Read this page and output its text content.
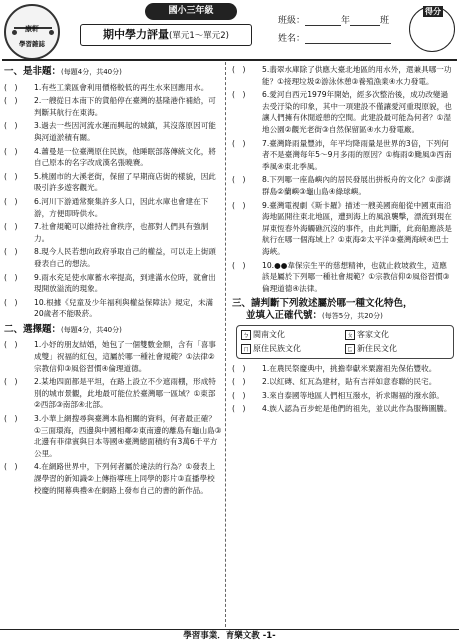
康軒
學習雜誌
國小三年級
期中學力評量(單元1～單元2)
班級：	年	班
姓名：
得分
一、是非題：(每題4分，共40分)
(　)	1.有些工業區會利用價格較低的再生水來回應用水。
(　)	2.一艘從日本南下的貨船停在臺灣的基隆港作補給，可判斷其航行在東海。
(　)	3.過去一些因河流水運而興起的城鎮，其沒落原因可能與河道淤積有關。
(　)	4.蕭曼是一位臺灣原住民族，他睡眠部落傳統文化，將自己原本的名字改成漢名張曉賽。
(　)	5.桃園市的大溪老街，保留了早期商店街的樣貌，因此吸引許多遊客觀光。
(　)	6.河川下游通常聚集許多人口，因此水庫也會建在下游，方便即時供水。
(　)	7.社會規範可以維持社會秩序，也都對人們具有強制力。
(　)	8.現今人民若想向政府爭取自己的權益，可以走上街頭發表自己的想法。
(　)	9.雨水充足使水庫蓄水率提高，到達滿水位時，就會出現開放溢流的現象。
(　)	10.根據《兒童及少年福利與權益保障法》規定，未滿20歲者不能吸菸。
二、選擇題：(每題4分，共40分)
(　)	1.小妤的朋友結婚，她包了一個雙數金額，含有「喜事成雙」祝福的紅包，這屬於哪一種社會規範？①法律②宗教信仰③風俗習慣④倫理道德。
(　)	2.某地四面都是平坦，在路上設立不少遮雨棚，形成特別的城市景觀，此地最可能位於臺灣哪一區域？①東部②西部③南部④北部。
(　)	3.小華上網搜尋與臺灣本島相關的資料，何者最正確？①三面環海，西邊與中國相鄰②東南邊的離島有龜山島③北邊有菲律賓與日本等國④臺灣總面積約有3萬6千平方公里。
(　)	4.在網路世界中，下列何者屬於違法的行為？①發表上課學習的新知識②上傳指導班上同學的影片③直播學校校慶的開幕典禮④在網路上發布自己的書的新作品。
(　)	5.翡翠水庫除了供應大臺北地區的用水外，還兼具哪一功能？①接理垃圾②游泳休憩③養殖漁業④水力發電。
(　)	6.愛河自西元1979年開始，經多次整治後，成功改變過去受汙染的印象，其中一項建設不僅讓愛河重現原貌，也讓人們擁有休閒遊憩的空間。此建設最可能為何者？①湿地公園②觀光老街③自然保留區④水力發電廠。
(　)	7.臺灣降雨量豐沛，年平均降雨量是世界的3倍，下列何者不是臺灣每年5～9月多雨的原因？①梅雨②颱風③西南季風④東北季風。
(　)	8.下列哪一座島嶼內的居民發展出拼板舟的文化？①澎湖群島②蘭嶼③龜山島④綠球嶼。
(　)	9.臺灣電視劇《斯卡羅》描述一艘美國商船從中國東南沿海地區開往東北地區，遭到海上的風浪襲擊，漂流到現在屏東恆春外海觸礁沉沒的事件，由此判斷，此商船應該是航行在哪一個海域上？①東海②太平洋③臺灣海峽④巴士海峽。
(　)	10.●●韋保宗生平的慈想精神，也就止救坡救生，這應該是屬於下列哪一種社會規範？①宗教信仰②風俗習慣③倫理道德④法律。
三、請判斷下列敘述屬於哪一種文化特色，
並填入正確代號：(每答5分，共20分)
ㄅ 閩南文化	ㄆ 客家文化
ㄇ 原住民族文化	ㄈ 新住民文化
(　)	1.在農民祭慶典中，挑擔奉獻米粟謝祖先保佑豐收。
(　)	2.以紅磚、紅瓦為建材，貼有吉祥如意春聯的民宅。
(　)	3.來自泰國等地區人們相互潑水，祈求賜福的潑水節。
(　)	4.族人認為百步蛇是他們的祖先，並以此作為服飾圖騰。
學習事業．育樂文教 -1-
